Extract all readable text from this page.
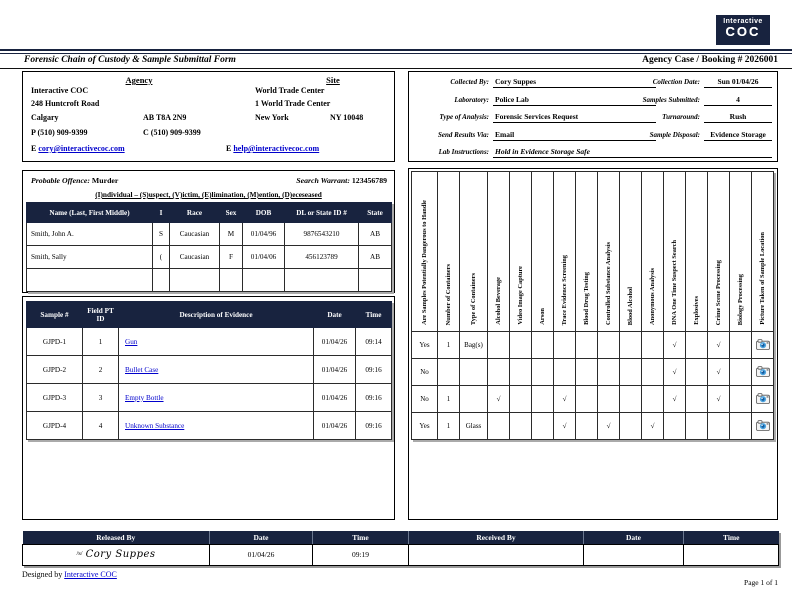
Interactive
COC
Forensic Chain of Custody & Sample Submittal Form	Agency Case / Booking # 2026001
Agency	Site
Interactive COC
248 Huntcroft Road
Calgary	AB T8A 2N9
P (510) 909-9399	C (510) 909-9399
E cory@interactivecoc.com
World Trade Center
1 World Trade Center
New York	NY 10048
E help@interactivecoc.com
Collected By: Cory Suppes	Collection Date:	Sun 01/04/26
Laboratory: Police Lab	Samples Submitted:	4
Type of Analysis: Forensic Services Request	Turnaround:	Rush
Send Results Via: Email	Sample Disposal:	Evidence Storage
Lab Instructions: Hold in Evidence Storage Safe
Probable Offence: Murder	Search Warrant: 123456789
(I)ndividual – (S)uspect, (V)ictim, (E)limination, (M)ention, (D)eceseased
Name (Last, First Middle)	I	Race	Sex	DOB	DL or State ID #	State
Smith, John A.	S	Caucasian	M	01/04/96	9876543210	AB
Smith, Sally	(	Caucasian	F	01/04/06	456123789	AB

Sample #	Field PT ID	Description of Evidence	Date	Time
GJPD-1	1	Gun	01/04/26	09:14
GJPD-2	2	Bullet Case	01/04/26	09:16
GJPD-3	3	Empty Bottle	01/04/26	09:16
GJPD-4	4	Unknown Substance	01/04/26	09:16
Are Samples Potentially Dangerous to Handle	Number of Containers	Type of Containers	Alcohol Beverage	Video Image Capture	Arson	Trace Evidence Screening	Blood Drug Testing	Controlled Substance Analysis	Blood Alcohol	Anonymous Analysis	DNA One Time Suspect Search	Explosives	Crime Scene Processing	Biology Processing	Picture Taken of Sample Location
Yes	1	Bag(s)									√		√		
No											√		√		
No	1		√			√					√		√		
Yes	1	Glass				√		√		√					
Released By	Date	Time	Received By	Date	Time
/s/ Cory Suppes	01/04/26	09:19			
Designed by Interactive COC
Page 1 of 1
